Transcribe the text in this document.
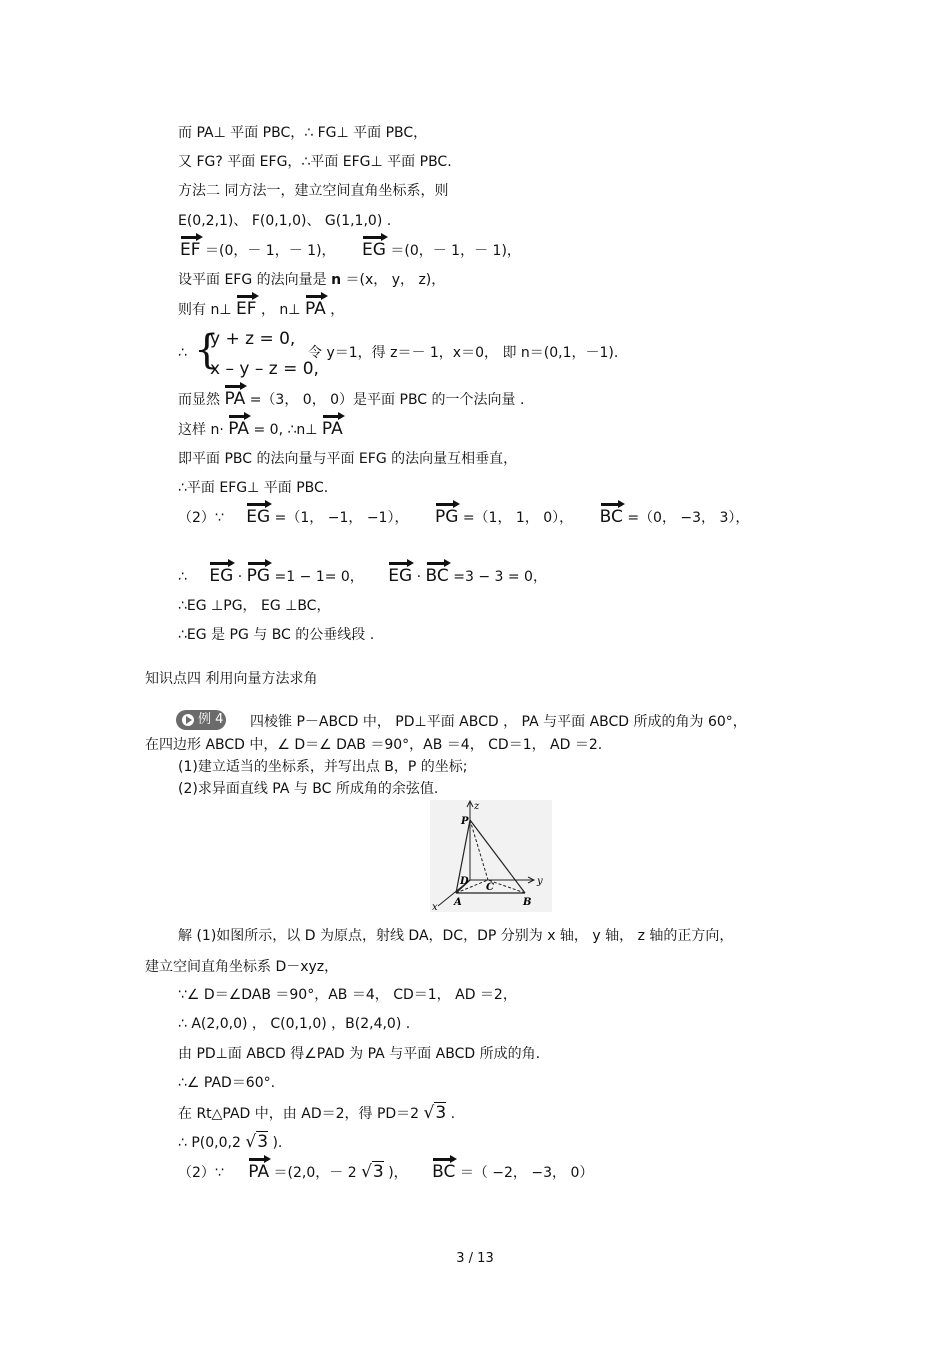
而 PA⊥ 平面 PBC，∴ FG⊥ 平面 PBC，
又 FG? 平面 EFG，∴平面 EFG⊥ 平面 PBC.
方法二 同方法一，建立空间直角坐标系，则
E(0,2,1)、 F(0,1,0)、 G(1,1,0) .
EF ＝(0，－ 1，－ 1)， EG ＝(0，－ 1，－ 1)，
设平面 EFG 的法向量是 n ＝(x， y， z)，
则有 n⊥ EF ， n⊥ PA ，
∴ {
y + z = 0,
x – y – z = 0,
令 y＝1，得 z＝－ 1，x＝0， 即 n＝(0,1，－1).
而显然 PA =（3， 0， 0）是平面 PBC 的一个法向量 .
这样 n· PA = 0, ∴n⊥ PA
即平面 PBC 的法向量与平面 EFG 的法向量互相垂直，
∴平面 EFG⊥ 平面 PBC.
（2）∵ EG =（1， −1， −1）， PG =（1， 1， 0）， BC =（0， −3， 3），
∴ EG · PG =1 − 1= 0， EG · BC =3 − 3 = 0，
∴EG ⊥PG， EG ⊥BC，
∴EG 是 PG 与 BC 的公垂线段 .
知识点四 利用向量方法求角
例 4 四棱锥 P－ABCD 中， PD⊥平面 ABCD ， PA 与平面 ABCD 所成的角为 60°，
在四边形 ABCD 中，∠ D＝∠ DAB ＝90°，AB ＝4， CD＝1， AD ＝2.
(1)建立适当的坐标系，并写出点 B，P 的坐标;
(2)求异面直线 PA 与 BC 所成角的余弦值.
z
y
x
P
D
C
A	B
解 (1)如图所示，以 D 为原点，射线 DA，DC，DP 分别为 x 轴， y 轴， z 轴的正方向，
建立空间直角坐标系 D－xyz，
∵∠ D＝∠DAB ＝90°，AB ＝4， CD＝1， AD ＝2，
∴ A(2,0,0) ， C(0,1,0) ，B(2,4,0) .
由 PD⊥面 ABCD 得∠PAD 为 PA 与平面 ABCD 所成的角.
∴∠ PAD＝60°.
在 Rt△PAD 中，由 AD＝2，得 PD＝2 √3 .
∴ P(0,0,2 √3 ).
（2）∵ PA ＝(2,0，－ 2 √3 )， BC ＝（ −2， −3， 0）
3 / 13
